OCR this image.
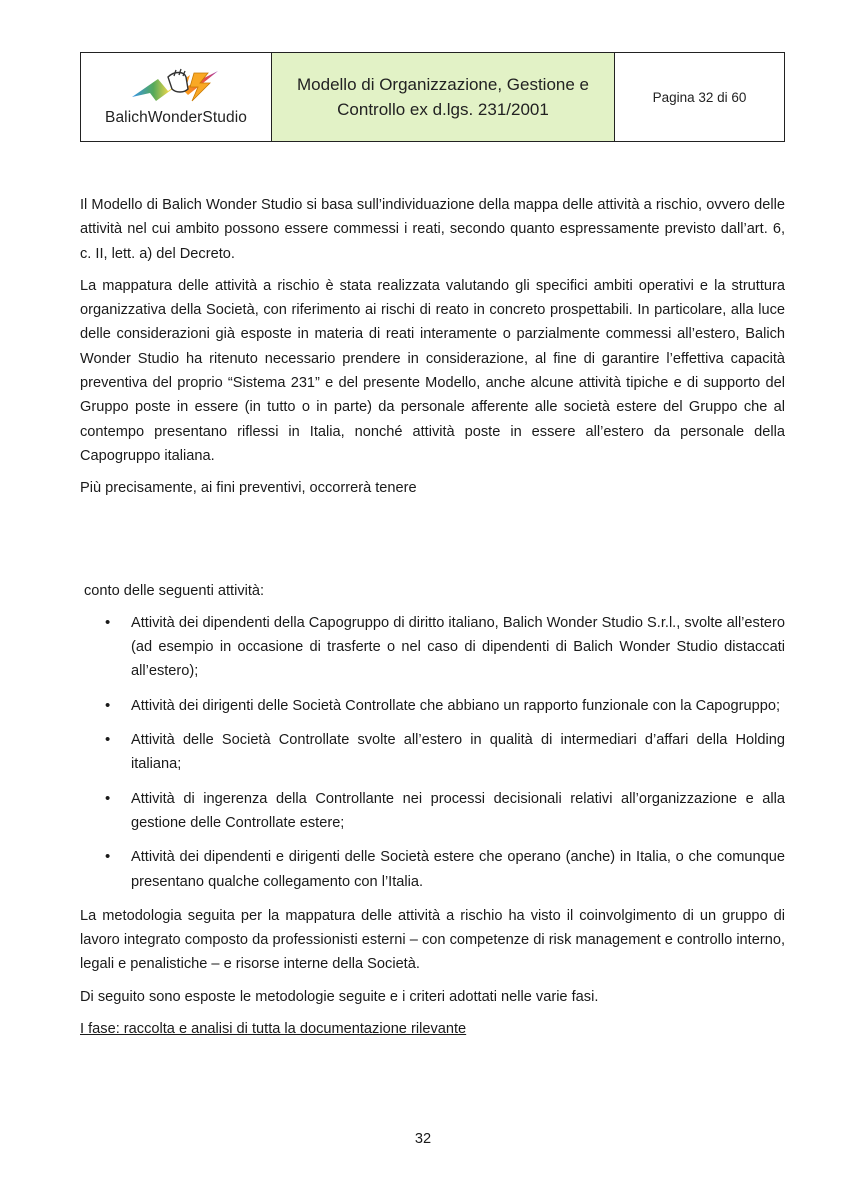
BalichWonderStudio
Modello di Organizzazione, Gestione e
Controllo ex d.lgs. 231/2001
Pagina 32 di 60

Il Modello di Balich Wonder Studio si basa sull’individuazione della mappa delle attività a rischio, ovvero delle attività nel cui ambito possono essere commessi i reati, secondo quanto espressamente previsto dall’art. 6, c. II, lett. a) del Decreto.

La mappatura delle attività a rischio è stata realizzata valutando gli specifici ambiti operativi e la struttura organizzativa della Società, con riferimento ai rischi di reato in concreto prospettabili. In particolare, alla luce delle considerazioni già esposte in materia di reati interamente o parzialmente commessi all’estero, Balich Wonder Studio ha ritenuto necessario prendere in considerazione, al fine di garantire l’effettiva capacità preventiva del proprio “Sistema 231” e del presente Modello, anche alcune attività tipiche e di supporto del Gruppo poste in essere (in tutto o in parte) da personale afferente alle società estere del Gruppo che al contempo presentano riflessi in Italia, nonché attività poste in essere all’estero da personale della Capogruppo italiana.

Più precisamente, ai fini preventivi, occorrerà tenere

conto delle seguenti attività:

• Attività dei dipendenti della Capogruppo di diritto italiano, Balich Wonder Studio S.r.l., svolte all’estero (ad esempio in occasione di trasferte o nel caso di dipendenti di Balich Wonder Studio distaccati all’estero);
• Attività dei dirigenti delle Società Controllate che abbiano un rapporto funzionale con la Capogruppo;
• Attività delle Società Controllate svolte all’estero in qualità di intermediari d’affari della Holding italiana;
• Attività di ingerenza della Controllante nei processi decisionali relativi all’organizzazione e alla gestione delle Controllate estere;
• Attività dei dipendenti e dirigenti delle Società estere che operano (anche) in Italia, o che comunque presentano qualche collegamento con l’Italia.

La metodologia seguita per la mappatura delle attività a rischio ha visto il coinvolgimento di un gruppo di lavoro integrato composto da professionisti esterni – con competenze di risk management e controllo interno, legali e penalistiche – e risorse interne della Società.

Di seguito sono esposte le metodologie seguite e i criteri adottati nelle varie fasi.

I fase: raccolta e analisi di tutta la documentazione rilevante

32
